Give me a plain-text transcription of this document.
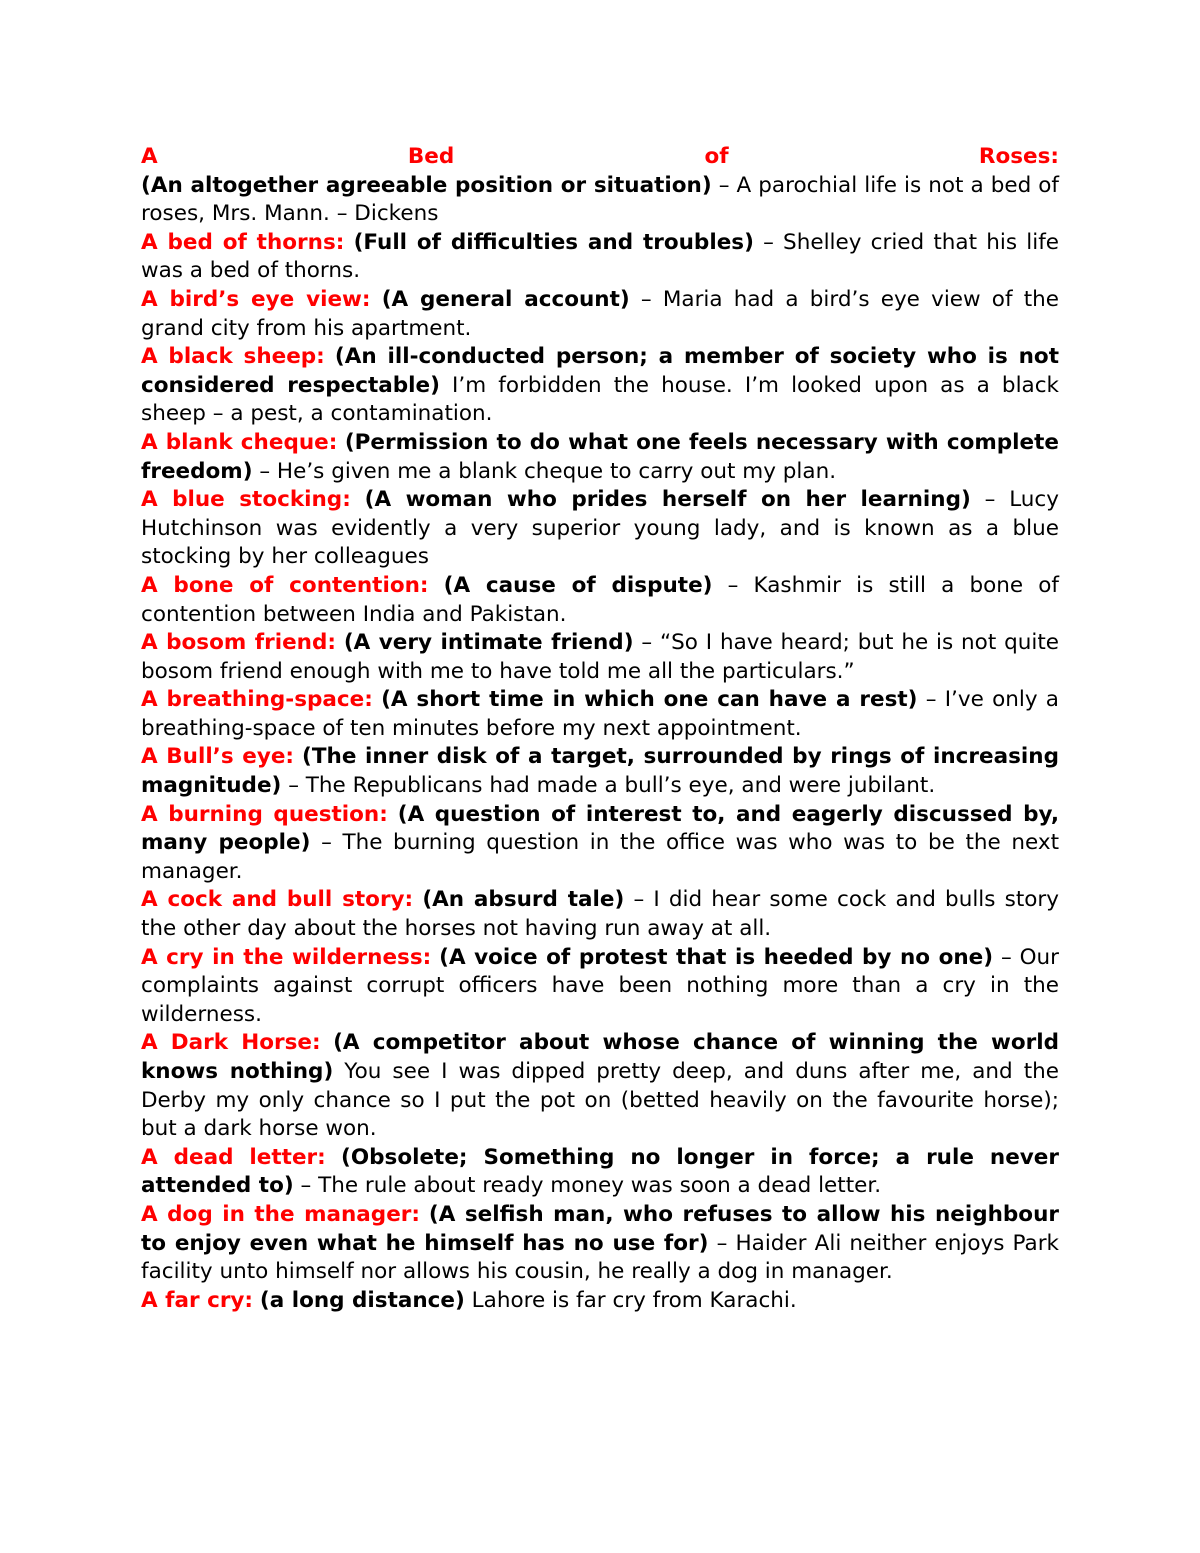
A Bed of Roses:
(An altogether agreeable position or situation) – A parochial life is not a bed of roses, Mrs. Mann. – Dickens

A bed of thorns: (Full of difficulties and troubles) – Shelley cried that his life was a bed of thorns.

A bird’s eye view: (A general account) – Maria had a bird’s eye view of the grand city from his apartment.

A black sheep: (An ill-conducted person; a member of society who is not considered respectable) I’m forbidden the house. I’m looked upon as a black sheep – a pest, a contamination.

A blank cheque: (Permission to do what one feels necessary with complete freedom) – He’s given me a blank cheque to carry out my plan.

A blue stocking: (A woman who prides herself on her learning) – Lucy Hutchinson was evidently a very superior young lady, and is known as a blue stocking by her colleagues

A bone of contention: (A cause of dispute) – Kashmir is still a bone of contention between India and Pakistan.

A bosom friend: (A very intimate friend) – “So I have heard; but he is not quite bosom friend enough with me to have told me all the particulars.”

A breathing-space: (A short time in which one can have a rest) – I’ve only a breathing-space of ten minutes before my next appointment.

A Bull’s eye: (The inner disk of a target, surrounded by rings of increasing magnitude) – The Republicans had made a bull’s eye, and were jubilant.

A burning question: (A question of interest to, and eagerly discussed by, many people) – The burning question in the office was who was to be the next manager.

A cock and bull story: (An absurd tale) – I did hear some cock and bulls story the other day about the horses not having run away at all.

A cry in the wilderness: (A voice of protest that is heeded by no one) – Our complaints against corrupt officers have been nothing more than a cry in the wilderness.

A Dark Horse: (A competitor about whose chance of winning the world knows nothing) You see I was dipped pretty deep, and duns after me, and the Derby my only chance so I put the pot on (betted heavily on the favourite horse); but a dark horse won.

A dead letter: (Obsolete; Something no longer in force; a rule never attended to) – The rule about ready money was soon a dead letter.

A dog in the manager: (A selfish man, who refuses to allow his neighbour to enjoy even what he himself has no use for) – Haider Ali neither enjoys Park facility unto himself nor allows his cousin, he really a dog in manager.

A far cry: (a long distance) Lahore is far cry from Karachi.
